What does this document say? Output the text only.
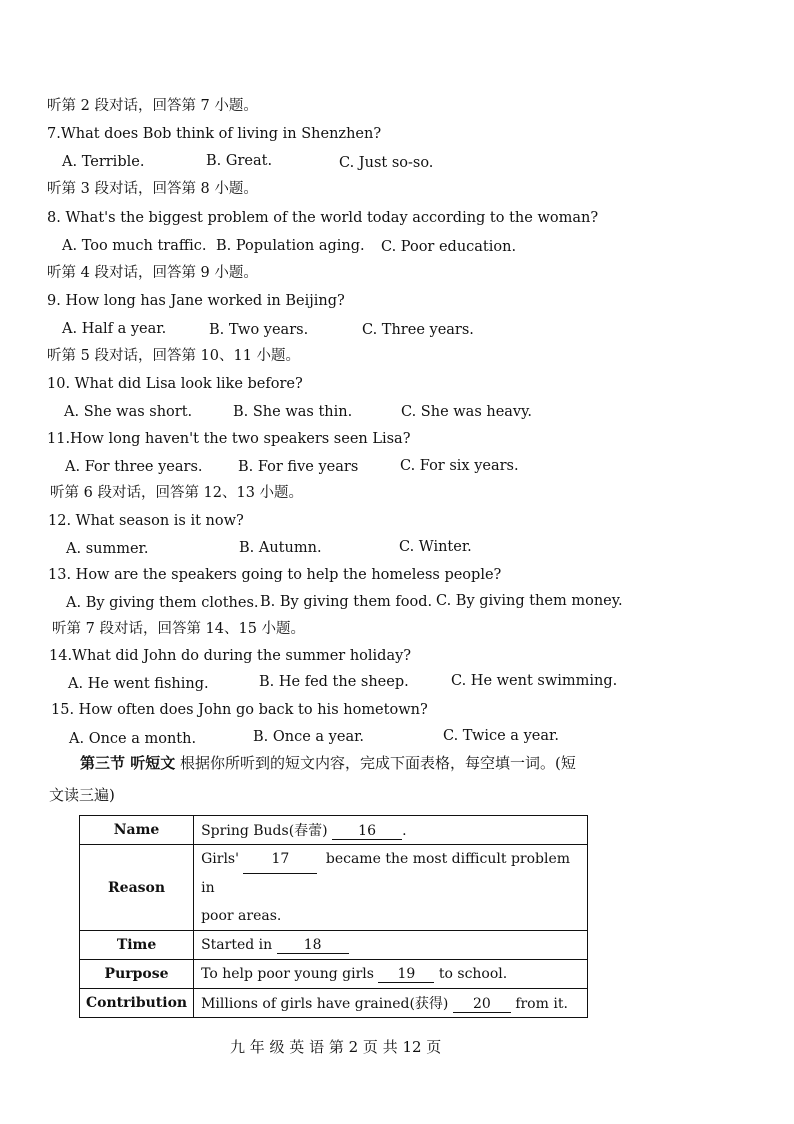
听第 2 段对话，回答第 7 小题。
7.What does Bob think of living in Shenzhen?
A. Terrible.	B. Great.	C. Just so-so.
听第 3 段对话，回答第 8 小题。
8. What's the biggest problem of the world today according to the woman?
A. Too much traffic. B. Population aging. C. Poor education.
听第 4 段对话，回答第 9 小题。
9. How long has Jane worked in Beijing?
A. Half a year.	B. Two years.	C. Three years.
听第 5 段对话，回答第 10、11 小题。
10. What did Lisa look like before?
A. She was short.	B. She was thin.	C. She was heavy.
11.How long haven't the two speakers seen Lisa?
A. For three years. B. For five years	C. For six years.
听第 6 段对话，回答第 12、13 小题。
12. What season is it now?
A. summer.	B. Autumn.	C. Winter.
13. How are the speakers going to help the homeless people?
A. By giving them clothes. B. By giving them food. C. By giving them money.
听第 7 段对话，回答第 14、15 小题。
14.What did John do during the summer holiday?
A. He went fishing.	B. He fed the sheep.	C. He went swimming.
15. How often does John go back to his hometown?
A. Once a month.	B. Once a year.	C. Twice a year.
第三节 听短文 根据你所听到的短文内容，完成下面表格，每空填一词。(短
文读三遍)
Name	Spring Buds(春蕾) 16 .
Reason	Girls' 17 became the most difficult problem in
poor areas.
Time	Started in 18
Purpose	To help poor young girls 19 to school.
Contribution	Millions of girls have grained(获得) 20 from it.
九 年 级 英 语 第 2 页 共 12 页
